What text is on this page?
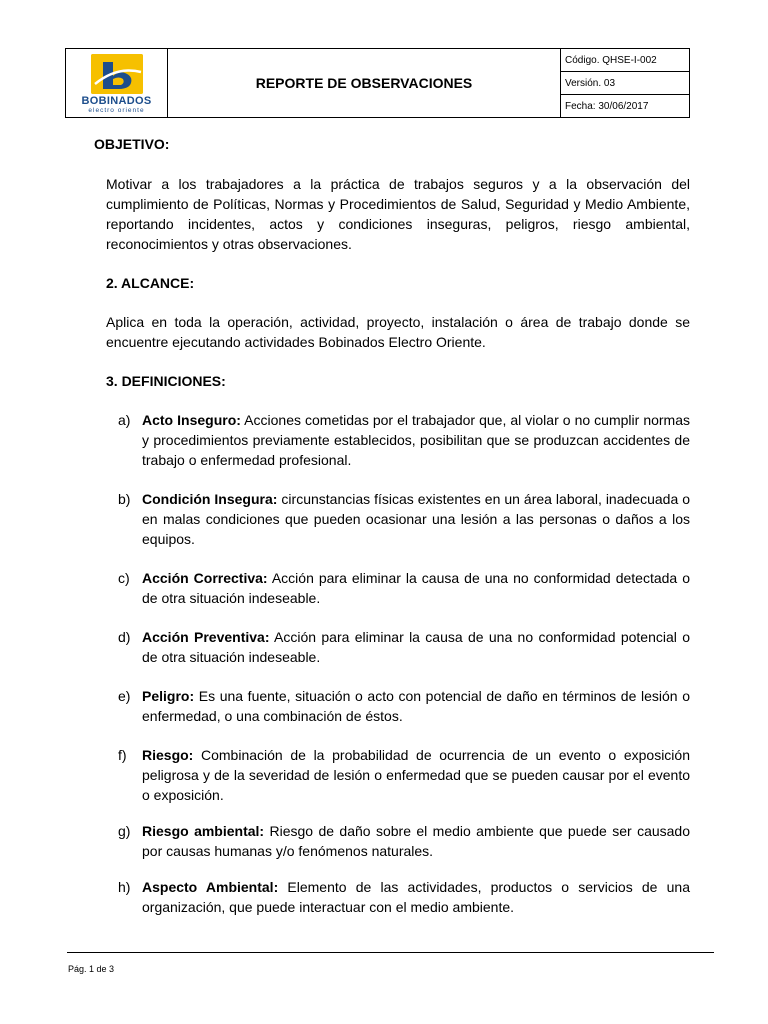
BOBINADOS
electro oriente
REPORTE DE OBSERVACIONES
Código. QHSE-I-002
Versión. 03
Fecha: 30/06/2017

OBJETIVO:

Motivar a los trabajadores a la práctica de trabajos seguros y a la observación del cumplimiento de Políticas, Normas y Procedimientos de Salud, Seguridad y Medio Ambiente, reportando incidentes, actos y condiciones inseguras, peligros, riesgo ambiental, reconocimientos y otras observaciones.

2. ALCANCE:

Aplica en toda la operación, actividad, proyecto, instalación o área de trabajo donde se encuentre ejecutando actividades Bobinados Electro Oriente.

3. DEFINICIONES:

a) Acto Inseguro: Acciones cometidas por el trabajador que, al violar o no cumplir normas y procedimientos previamente establecidos, posibilitan que se produzcan accidentes de trabajo o enfermedad profesional.
b) Condición Insegura: circunstancias físicas existentes en un área laboral, inadecuada o en malas condiciones que pueden ocasionar una lesión a las personas o daños a los equipos.
c) Acción Correctiva: Acción para eliminar la causa de una no conformidad detectada o de otra situación indeseable.
d) Acción Preventiva: Acción para eliminar la causa de una no conformidad potencial o de otra situación indeseable.
e) Peligro: Es una fuente, situación o acto con potencial de daño en términos de lesión o enfermedad, o una combinación de éstos.
f)	Riesgo: Combinación de la probabilidad de ocurrencia de un evento o exposición peligrosa y de la severidad de lesión o enfermedad que se pueden causar por el evento o exposición.
g) Riesgo ambiental: Riesgo de daño sobre el medio ambiente que puede ser causado por causas humanas y/o fenómenos naturales.
h) Aspecto Ambiental: Elemento de las actividades, productos o servicios de una organización, que puede interactuar con el medio ambiente.
Pág. 1 de 3
